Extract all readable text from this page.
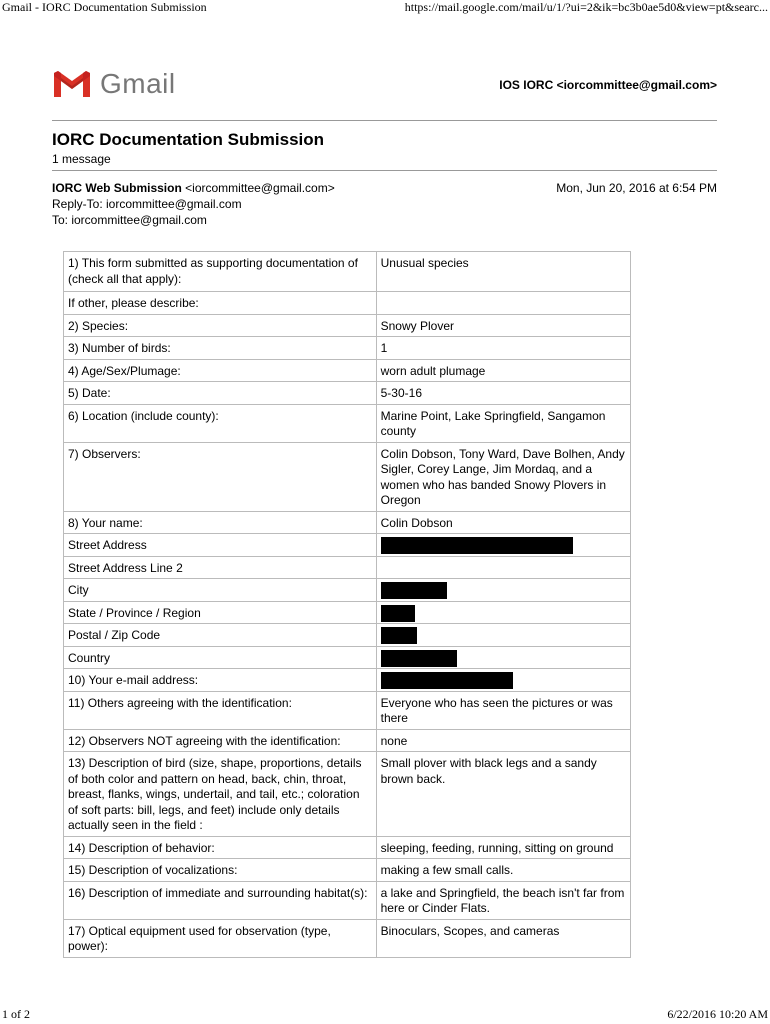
Gmail - IORC Documentation Submission	https://mail.google.com/mail/u/1/?ui=2&ik=bc3b0ae5d0&view=pt&searc...
Gmail	IOS IORC <iorcommittee@gmail.com>
IORC Documentation Submission
1 message
IORC Web Submission <iorcommittee@gmail.com>	Mon, Jun 20, 2016 at 6:54 PM
Reply-To: iorcommittee@gmail.com
To: iorcommittee@gmail.com
1) This form submitted as supporting documentation of (check all that apply):	Unusual species
If other, please describe:	
2) Species:	Snowy Plover
3) Number of birds:	1
4) Age/Sex/Plumage:	worn adult plumage
5) Date:	5-30-16
6) Location (include county):	Marine Point, Lake Springfield, Sangamon county
7) Observers:	Colin Dobson, Tony Ward, Dave Bolhen, Andy Sigler, Corey Lange, Jim Mordaq, and a women who has banded Snowy Plovers in Oregon
8) Your name:	Colin Dobson
Street Address	
Street Address Line 2	
City	
State / Province / Region	
Postal / Zip Code	
Country	
10) Your e-mail address:	
11) Others agreeing with the identification:	Everyone who has seen the pictures or was there
12) Observers NOT agreeing with the identification:	none
13) Description of bird (size, shape, proportions, details of both color and pattern on head, back, chin, throat, breast, flanks, wings, undertail, and tail, etc.; coloration of soft parts: bill, legs, and feet) include only details actually seen in the field :	Small plover with black legs and a sandy brown back.
14) Description of behavior:	sleeping, feeding, running, sitting on ground
15) Description of vocalizations:	making a few small calls.
16) Description of immediate and surrounding habitat(s):	a lake and Springfield, the beach isn't far from here or Cinder Flats.
17) Optical equipment used for observation (type, power):	Binoculars, Scopes, and cameras
1 of 2	6/22/2016 10:20 AM
